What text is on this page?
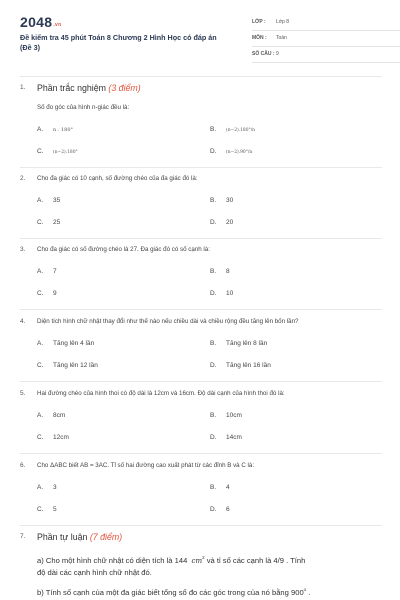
2048.vn
Đề kiểm tra 45 phút Toán 8 Chương 2 Hình Học có đáp án (Đề 3)
LỚP : Lớp 8
MÔN : Toán
SỐ CÂU : 9
1. Phần trắc nghiệm (3 điểm)
Số đo góc của hình n-giác đều là:
A. n . 180°	B. (n−2).180°/n
C. (n−2).180°	D. (n−2).90°/n
2. Cho đa giác có 10 cạnh, số đường chéo của đa giác đó là:
A. 35	B. 30
C. 25	D. 20
3. Cho đa giác có số đường chéo là 27. Đa giác đó có số cạnh là:
A. 7	B. 8
C. 9	D. 10
4. Diện tích hình chữ nhật thay đổi như thế nào nếu chiều dài và chiều rộng đều tăng lên bốn lần?
A. Tăng lên 4 lần	B. Tăng lên 8 lần
C. Tăng lên 12 lần	D. Tăng lên 16 lần
5. Hai đường chéo của hình thoi có độ dài là 12cm và 16cm. Độ dài cạnh của hình thoi đó là:
A. 8cm	B. 10cm
C. 12cm	D. 14cm
6. Cho ΔABC biết AB = 3AC. Tỉ số hai đường cao xuất phát từ các đỉnh B và C là:
A. 3	B. 4
C. 5	D. 6
7. Phần tự luận (7 điểm)
a) Cho một hình chữ nhật có diện tích là 144 $cm^2$ và tỉ số các cạnh là 4/9 . Tính
độ dài các cạnh hình chữ nhật đó.
b) Tính số cạnh của một đa giác biết tổng số đo các góc trong của nó bằng 900$^o$ .
